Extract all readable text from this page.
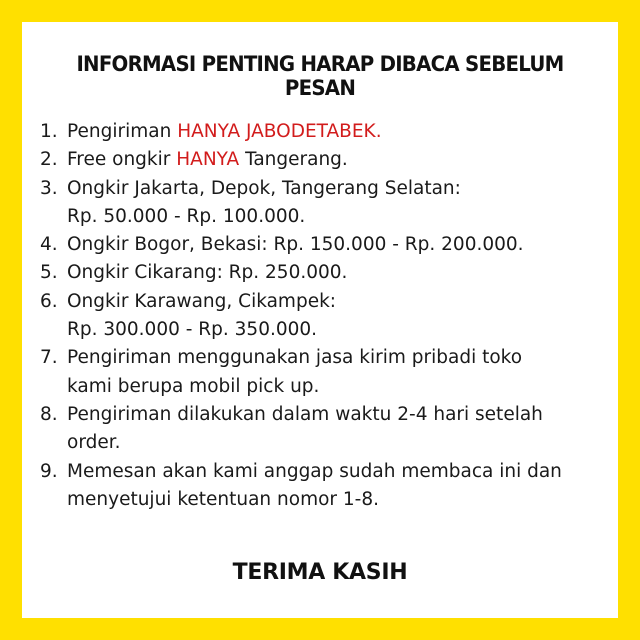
INFORMASI PENTING HARAP DIBACA SEBELUM PESAN
1. Pengiriman HANYA JABODETABEK.
2. Free ongkir HANYA Tangerang.
3. Ongkir Jakarta, Depok, Tangerang Selatan:
Rp. 50.000 - Rp. 100.000.
4. Ongkir Bogor, Bekasi: Rp. 150.000 - Rp. 200.000.
5. Ongkir Cikarang: Rp. 250.000.
6. Ongkir Karawang, Cikampek:
Rp. 300.000 - Rp. 350.000.
7. Pengiriman menggunakan jasa kirim pribadi toko
kami berupa mobil pick up.
8. Pengiriman dilakukan dalam waktu 2-4 hari setelah
order.
9. Memesan akan kami anggap sudah membaca ini dan
menyetujui ketentuan nomor 1-8.
TERIMA KASIH
